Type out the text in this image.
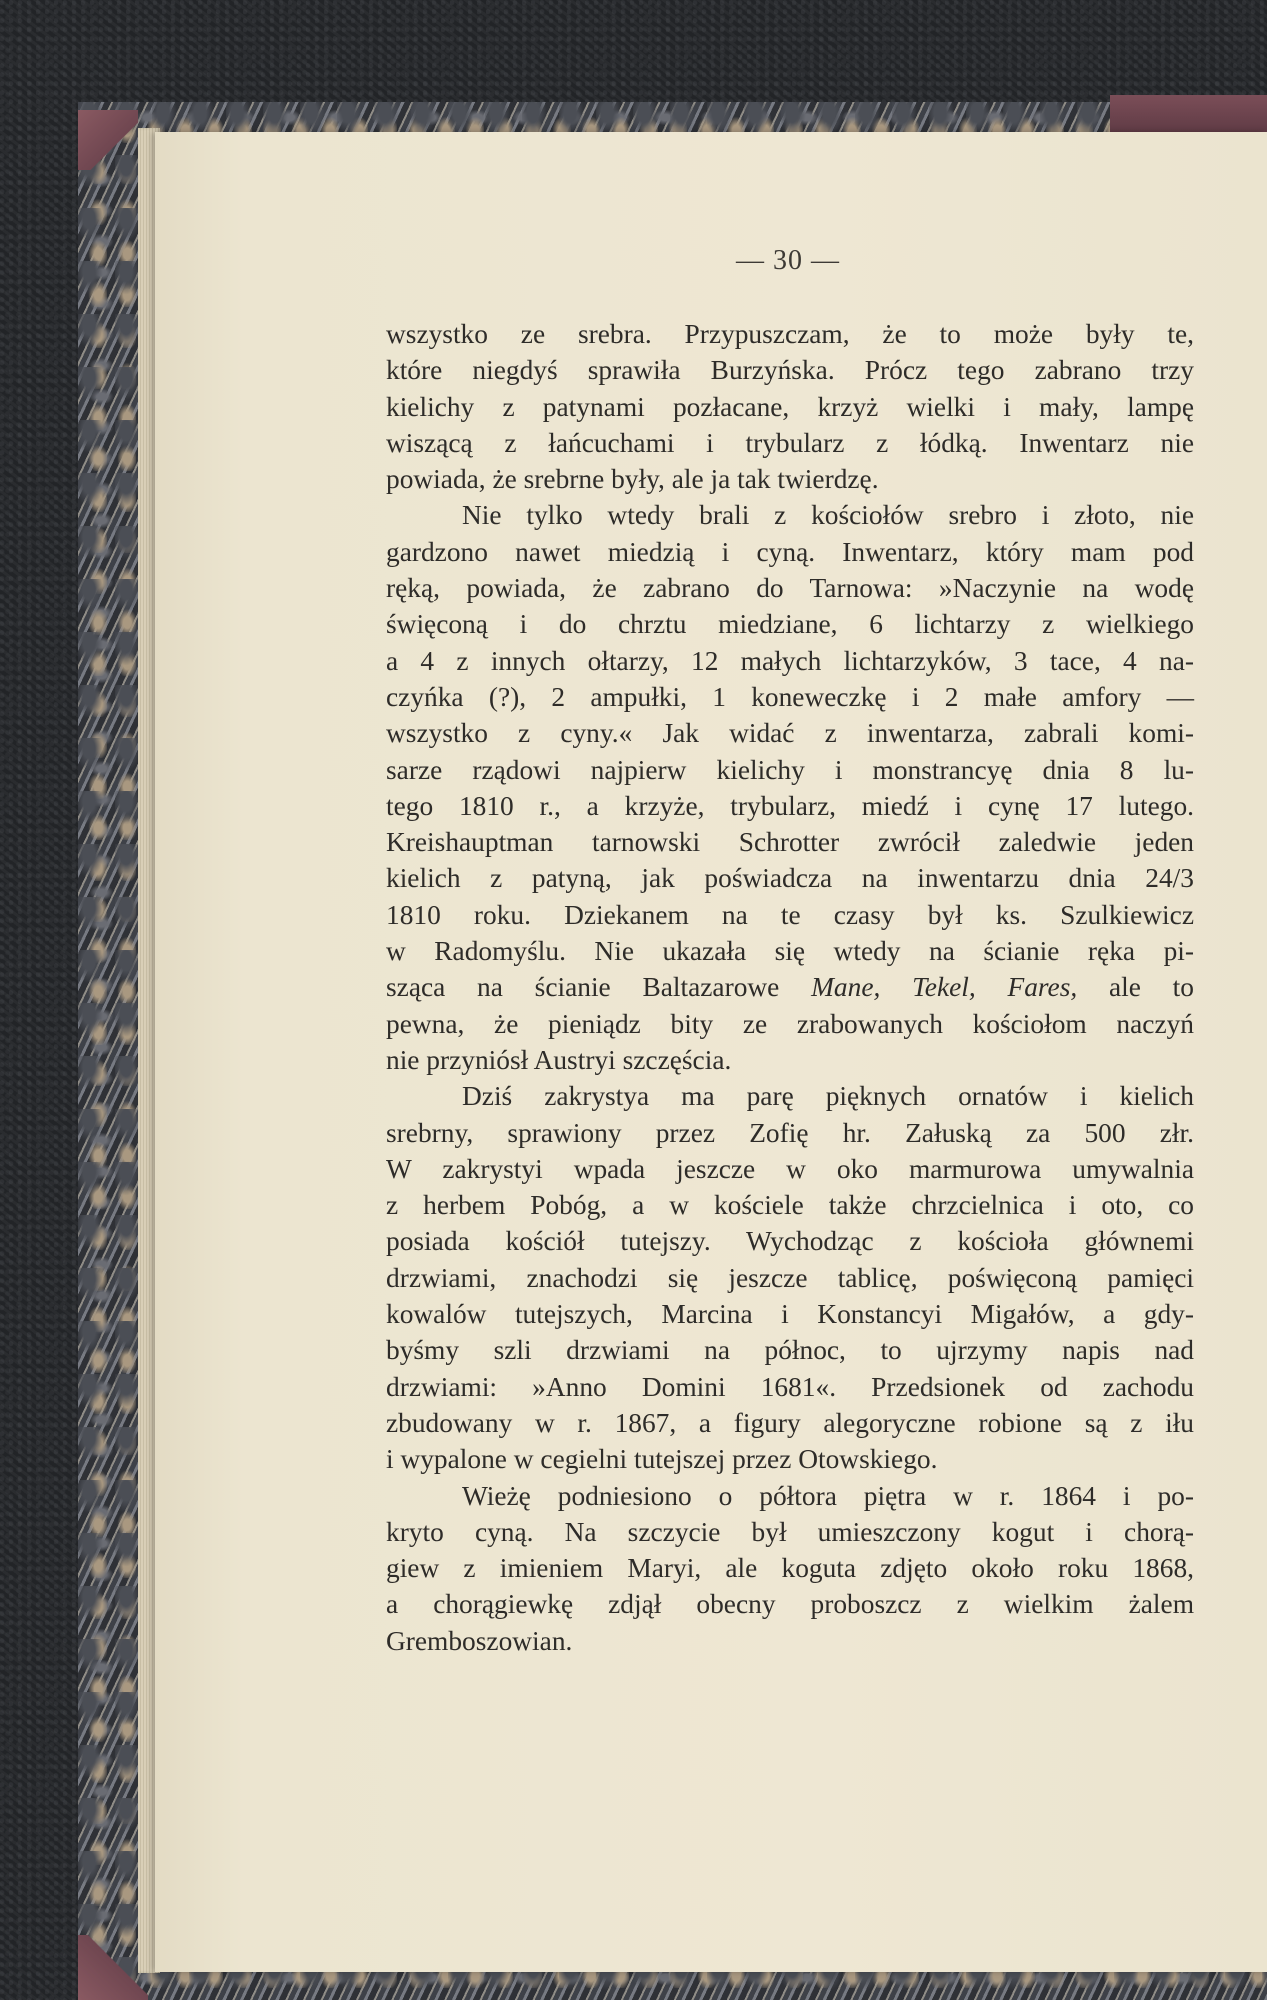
— 30 —
wszystko ze srebra. Przypuszczam, że to może były te,
które niegdyś sprawiła Burzyńska. Prócz tego zabrano trzy
kielichy z patynami pozłacane, krzyż wielki i mały, lampę
wiszącą z łańcuchami i trybularz z łódką. Inwentarz nie
powiada, że srebrne były, ale ja tak twierdzę.
Nie tylko wtedy brali z kościołów srebro i złoto, nie
gardzono nawet miedzią i cyną. Inwentarz, który mam pod
ręką, powiada, że zabrano do Tarnowa: »Naczynie na wodę
święconą i do chrztu miedziane, 6 lichtarzy z wielkiego
a 4 z innych ołtarzy, 12 małych lichtarzyków, 3 tace, 4 na-
czyńka (?), 2 ampułki, 1 koneweczkę i 2 małe amfory —
wszystko z cyny.« Jak widać z inwentarza, zabrali komi-
sarze rządowi najpierw kielichy i monstrancyę dnia 8 lu-
tego 1810 r., a krzyże, trybularz, miedź i cynę 17 lutego.
Kreishauptman tarnowski Schrotter zwrócił zaledwie jeden
kielich z patyną, jak poświadcza na inwentarzu dnia 24/3
1810 roku. Dziekanem na te czasy był ks. Szulkiewicz
w Radomyślu. Nie ukazała się wtedy na ścianie ręka pi-
sząca na ścianie Baltazarowe Mane, Tekel, Fares, ale to
pewna, że pieniądz bity ze zrabowanych kościołom naczyń
nie przyniósł Austryi szczęścia.
Dziś zakrystya ma parę pięknych ornatów i kielich
srebrny, sprawiony przez Zofię hr. Załuską za 500 złr.
W zakrystyi wpada jeszcze w oko marmurowa umywalnia
z herbem Pobóg, a w kościele także chrzcielnica i oto, co
posiada kościół tutejszy. Wychodząc z kościoła głównemi
drzwiami, znachodzi się jeszcze tablicę, poświęconą pamięci
kowalów tutejszych, Marcina i Konstancyi Migałów, a gdy-
byśmy szli drzwiami na północ, to ujrzymy napis nad
drzwiami: »Anno Domini 1681«. Przedsionek od zachodu
zbudowany w r. 1867, a figury alegoryczne robione są z iłu
i wypalone w cegielni tutejszej przez Otowskiego.
Wieżę podniesiono o półtora piętra w r. 1864 i po-
kryto cyną. Na szczycie był umieszczony kogut i chorą-
giew z imieniem Maryi, ale koguta zdjęto około roku 1868,
a chorągiewkę zdjął obecny proboszcz z wielkim żalem
Gremboszowian.
